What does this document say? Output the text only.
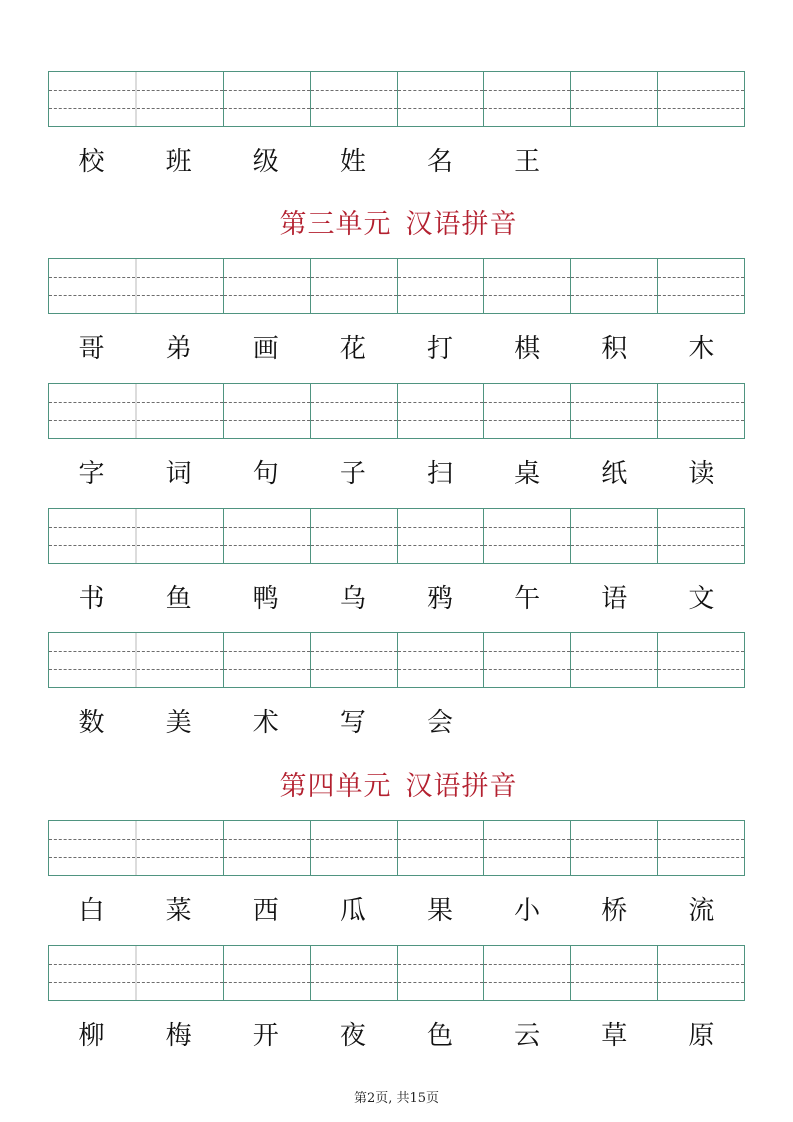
校	班	级	姓	名	王
第三单元 汉语拼音
哥	弟	画	花	打	棋	积	木
字	词	句	子	扫	桌	纸	读
书	鱼	鸭	乌	鸦	午	语	文
数	美	术	写	会
第四单元 汉语拼音
白	菜	西	瓜	果	小	桥	流
柳	梅	开	夜	色	云	草	原
第2页, 共15页
